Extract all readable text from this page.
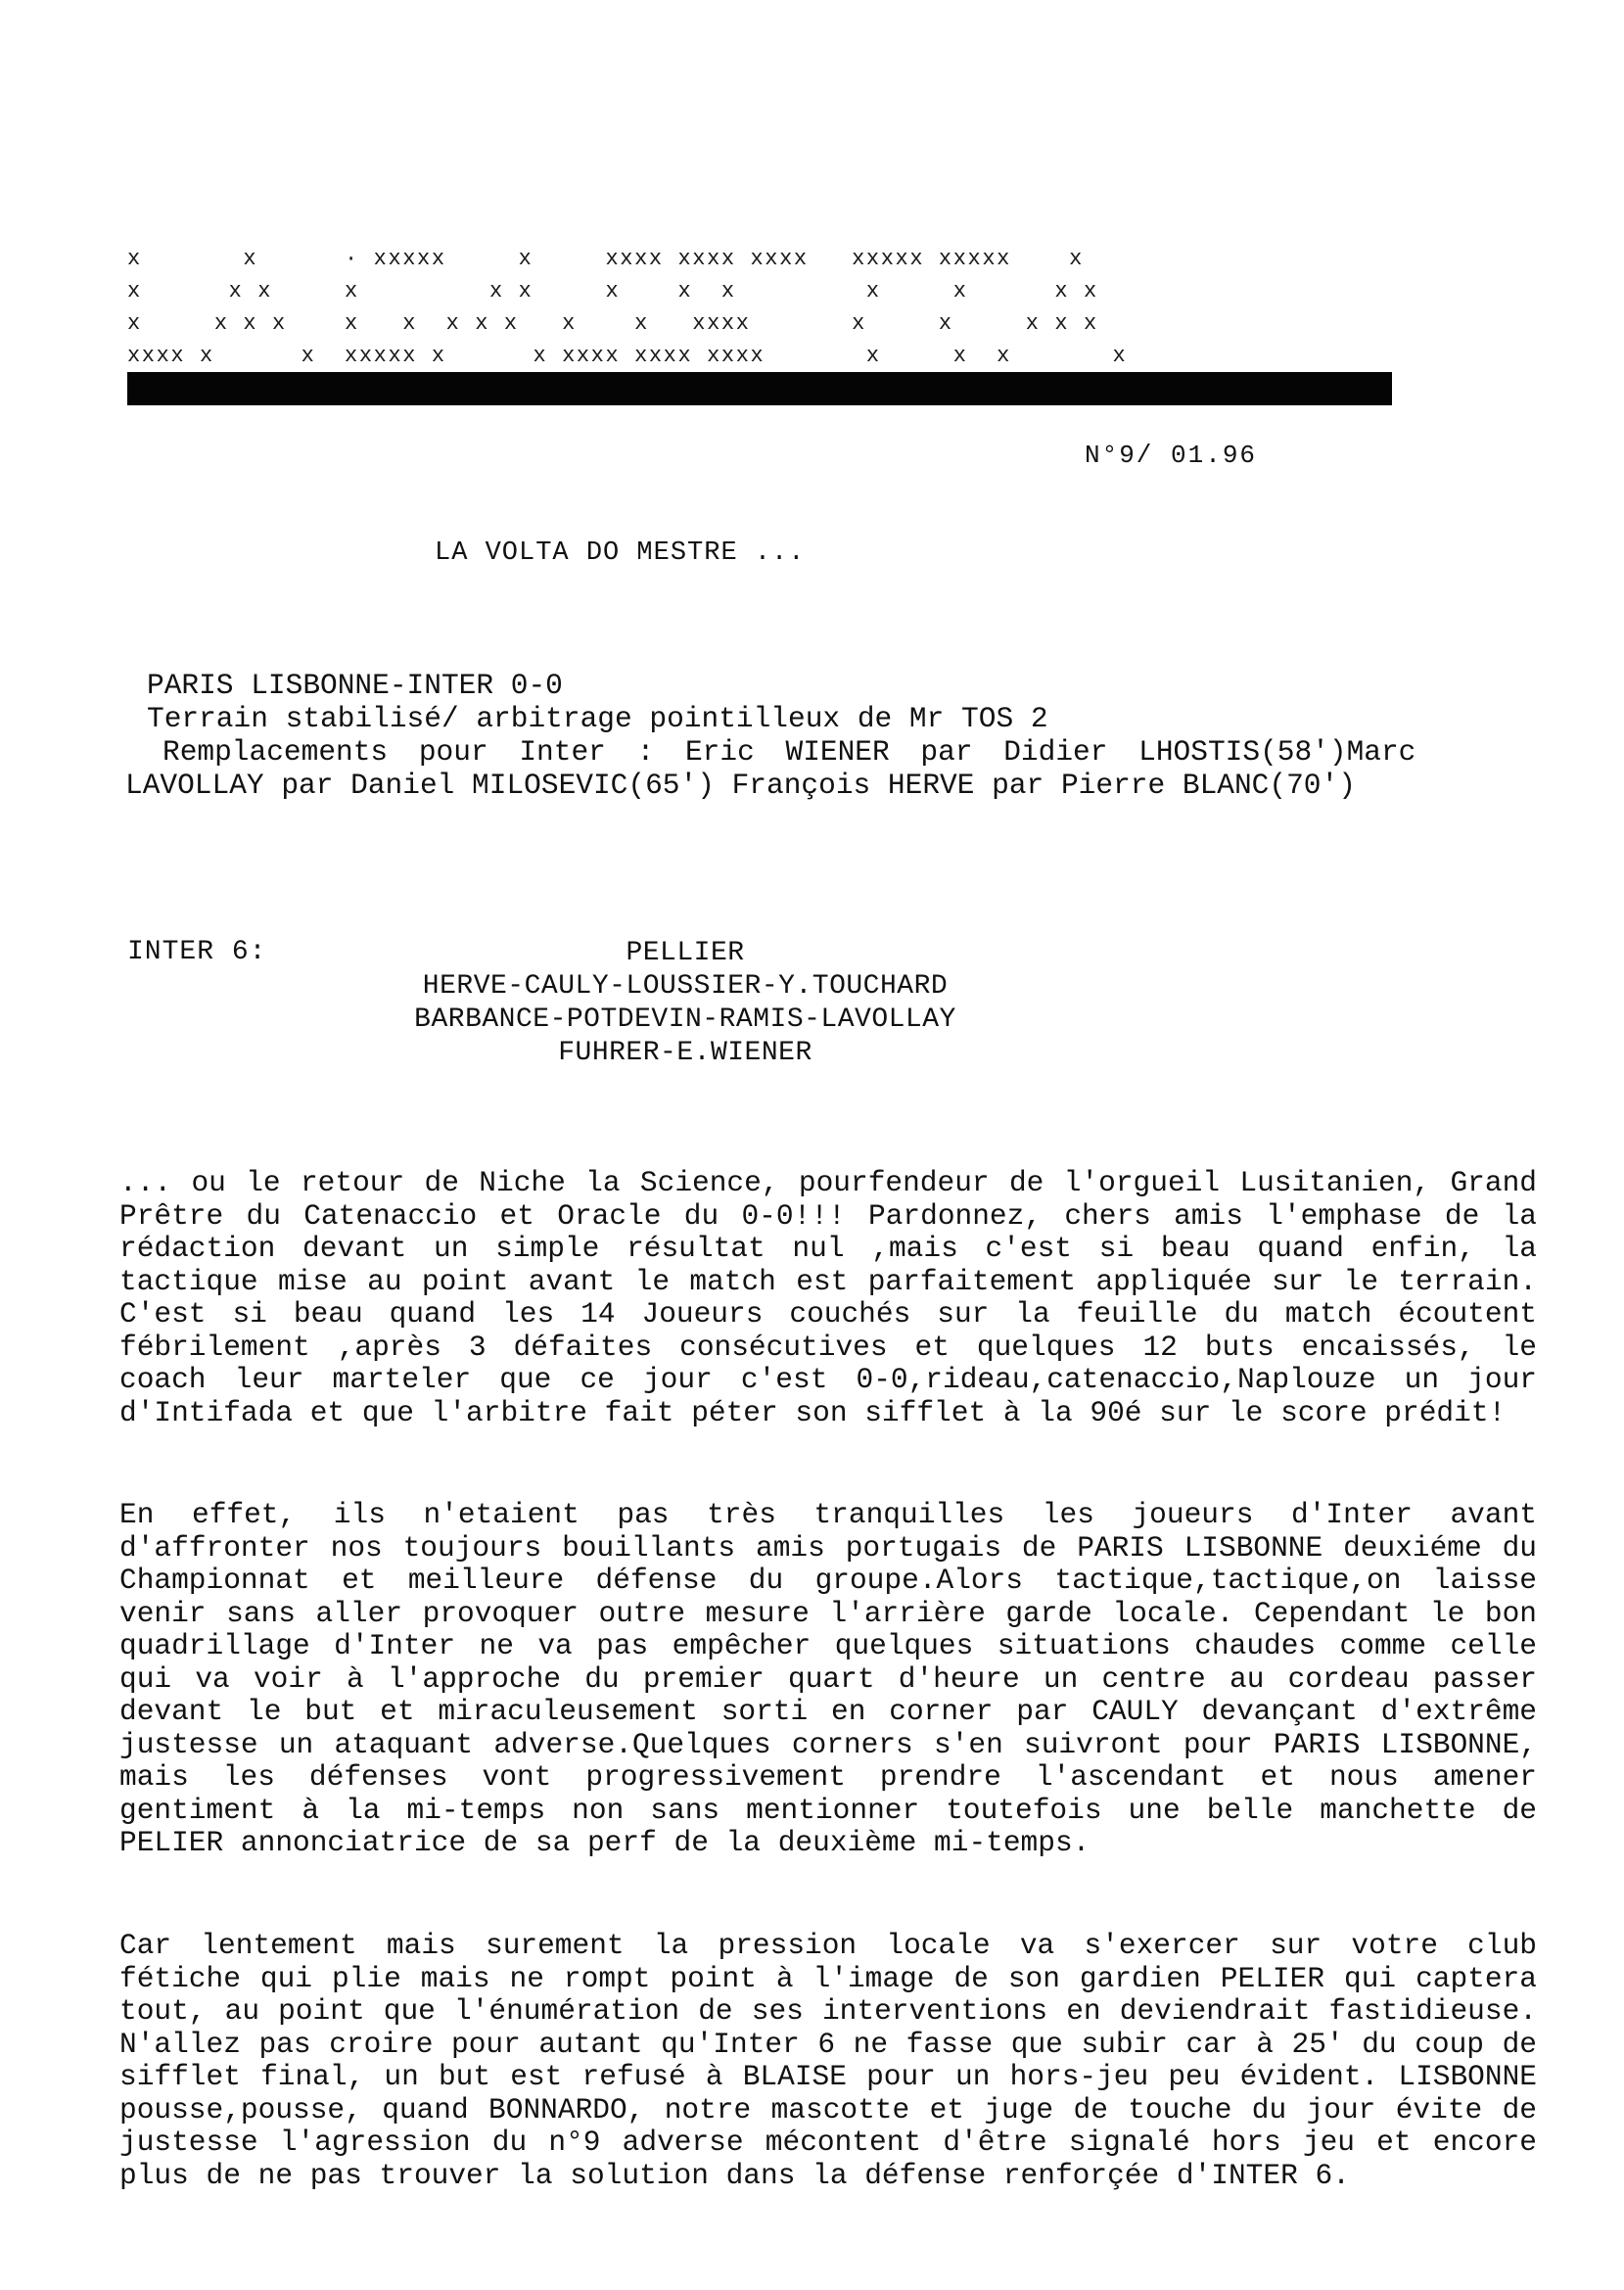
x       x      · xxxxx     x     xxxx xxxx xxxx   xxxxx xxxxx    x
x      x x     x         x x     x    x  x         x     x      x x
x     x x x    x   x  x x x   x    x   xxxx       x     x     x x x
xxxx x      x  xxxxx x      x xxxx xxxx xxxx       x     x  x       x
N°9/ 01.96
LA VOLTA DO MESTRE ...
PARIS LISBONNE-INTER 0-0
Terrain stabilisé/ arbitrage pointilleux de Mr TOS 2
Remplacements pour Inter : Eric WIENER par Didier LHOSTIS(58')Marc
LAVOLLAY par Daniel MILOSEVIC(65') François HERVE par Pierre BLANC(70')
INTER 6:	PELLIER
HERVE-CAULY-LOUSSIER-Y.TOUCHARD
BARBANCE-POTDEVIN-RAMIS-LAVOLLAY
FUHRER-E.WIENER

... ou le retour de Niche la Science, pourfendeur de l'orgueil Lusitanien, Grand Prêtre du Catenaccio et Oracle du 0-0!!! Pardonnez, chers amis l'emphase de la rédaction devant un simple résultat nul ,mais c'est si beau quand enfin, la tactique mise au point avant le match est parfaitement appliquée sur le terrain. C'est si beau quand les 14 Joueurs couchés sur la feuille du match écoutent fébrilement ,après 3 défaites consécutives et quelques 12 buts encaissés, le coach leur marteler que ce jour c'est 0-0,rideau,catenaccio,Naplouze un jour d'Intifada et que l'arbitre fait péter son sifflet à la 90é sur le score prédit!

En effet, ils n'etaient pas très tranquilles les joueurs d'Inter avant d'affronter nos toujours bouillants amis portugais de PARIS LISBONNE deuxiéme du Championnat et meilleure défense du groupe.Alors tactique,tactique,on laisse venir sans aller provoquer outre mesure l'arrière garde locale. Cependant le bon quadrillage d'Inter ne va pas empêcher quelques situations chaudes comme celle qui va voir à l'approche du premier quart d'heure un centre au cordeau passer devant le but et miraculeusement sorti en corner par CAULY devançant d'extrême justesse un ataquant adverse.Quelques corners s'en suivront pour PARIS LISBONNE, mais les défenses vont progressivement prendre l'ascendant et nous amener gentiment à la mi-temps non sans mentionner toutefois une belle manchette de PELIER annonciatrice de sa perf de la deuxième mi-temps.

Car lentement mais surement la pression locale va s'exercer sur votre club fétiche qui plie mais ne rompt point à l'image de son gardien PELIER qui captera tout, au point que l'énumération de ses interventions en deviendrait fastidieuse. N'allez pas croire pour autant qu'Inter 6 ne fasse que subir car à 25' du coup de sifflet final, un but est refusé à BLAISE pour un hors-jeu peu évident. LISBONNE pousse,pousse, quand BONNARDO, notre mascotte et juge de touche du jour évite de justesse l'agression du n°9 adverse mécontent d'être signalé hors jeu et encore plus de ne pas trouver la solution dans la défense renforçée d'INTER 6.
